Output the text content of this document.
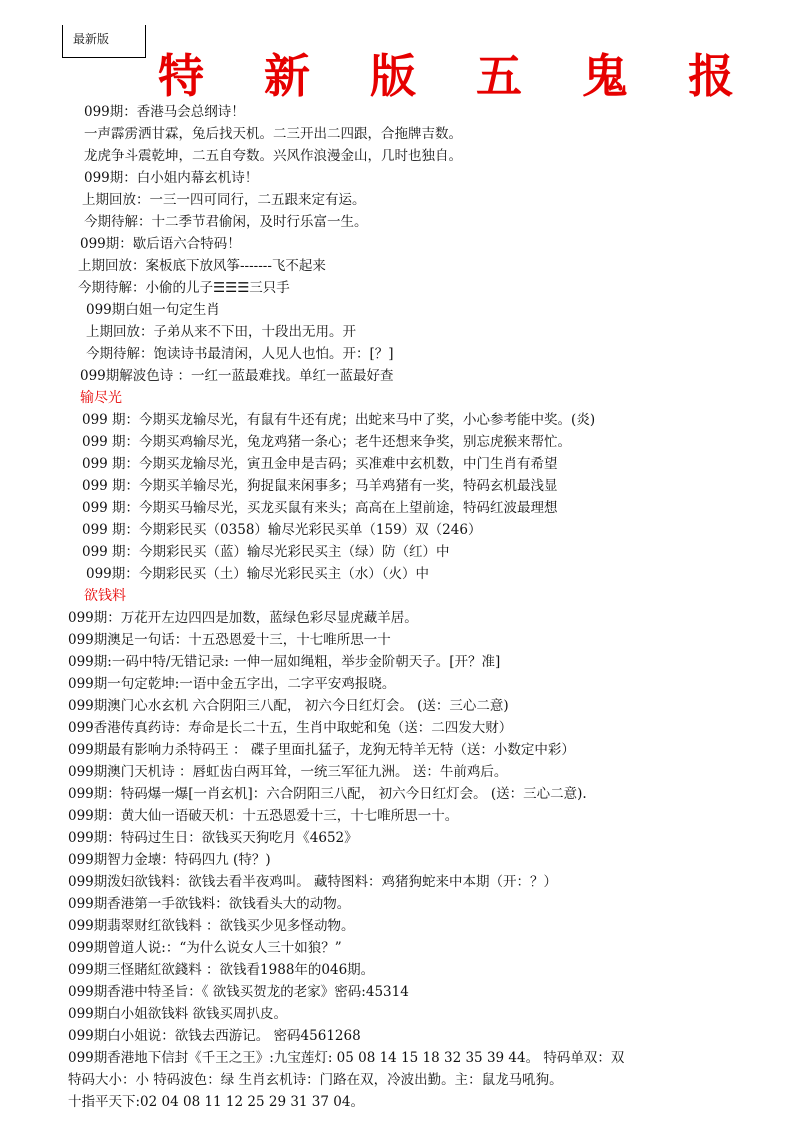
最新版
特 新 版 五 鬼 报
099期：香港马会总纲诗！
一声霹雳洒甘霖，兔后找天机。二三开出二四跟，合拖牌吉数。
龙虎争斗震乾坤，二五自夸数。兴风作浪漫金山，几时也独自。
099期：白小姐内幕玄机诗！
上期回放：一三一四可同行，二五跟来定有运。
今期待解：十二季节君偷闲，及时行乐富一生。
099期：歇后语六合特码！
上期回放：案板底下放风筝-------飞不起来
今期待解：小偷的儿子☰☰☰三只手
099期白姐一句定生肖
上期回放：子弟从来不下田，十段出无用。开
今期待解：饱读诗书最清闲，人见人也怕。开：[？]
099期解波色诗 ：一红一蓝最难找。单红一蓝最好查
输尽光
099 期：今期买龙输尽光，有鼠有牛还有虎；出蛇来马中了奖，小心参考能中奖。(炎)
099 期：今期买鸡输尽光，兔龙鸡猪一条心；老牛还想来争奖，别忘虎猴来帮忙。
099 期：今期买龙输尽光，寅丑金申是吉码；买准难中玄机数，中门生肖有希望
099 期：今期买羊输尽光，狗捉鼠来闲事多；马羊鸡猪有一奖，特码玄机最浅显
099 期：今期买马输尽光，买龙买鼠有来头；高高在上望前途，特码红波最理想
099 期：今期彩民买（0358）输尽光彩民买单（159）双（246）
099 期：今期彩民买（蓝）输尽光彩民买主（绿）防（红）中
099期：今期彩民买（土）输尽光彩民买主（水）（火）中
欲钱料
099期：万花开左边四四是加数，蓝绿色彩尽显虎藏羊居。
099期澳足一句话：十五恐恩爱十三，十七唯所思一十
099期:一码中特/无错记录: 一伸一屈如绳粗，举步金阶朝天子。[开？准]
099期一句定乾坤:一语中金五字出，二字平安鸡报晓。
099期澳门心水玄机 六合阴阳三八配， 初六今日红灯会。 (送：三心二意)
099香港传真药诗：寿命是长二十五，生肖中取蛇和兔（送：二四发大财）
099期最有影响力杀特码王 ： 碟子里面扎猛子，龙狗无特羊无特（送：小数定中彩）
099期澳门天机诗 ：唇虹齿白两耳耸，一统三军征九洲。 送：牛前鸡后。
099期：特码爆一爆[一肖玄机]：六合阴阳三八配， 初六今日红灯会。 (送：三心二意).
099期：黄大仙一语破天机：十五恐恩爱十三，十七唯所思一十。
099期：特码过生日：欲钱买天狗吃月《4652》
099期智力金壊：特码四九 (特？)
099期泼妇欲钱料：欲钱去看半夜鸡叫。 藏特图料：鸡猪狗蛇来中本期（开：？）
099期香港第一手欲钱料：欲钱看头大的动物。
099期翡翠财红欲钱料 ：欲钱买少见多怪动物。
099期曾道人说:：“为什么说女人三十如狼？”
099期三怪賭紅欲錢料 ：欲钱看1988年的046期。
099期香港中特圣旨：《 欲钱买贺龙的老家》密码:45314
099期白小姐欲钱料 欲钱买周扒皮。
099期白小姐说：欲钱去西游记。 密码4561268
099期香港地下信封《千王之王》:九宝莲灯: 05 08 14 15 18 32 35 39 44。 特码单双：双
特码大小：小 特码波色：绿 生肖玄机诗：门路在双，冷波出勤。主：鼠龙马吼狗。
十指平天下:02 04 08 11 12 25 29 31 37 04。
